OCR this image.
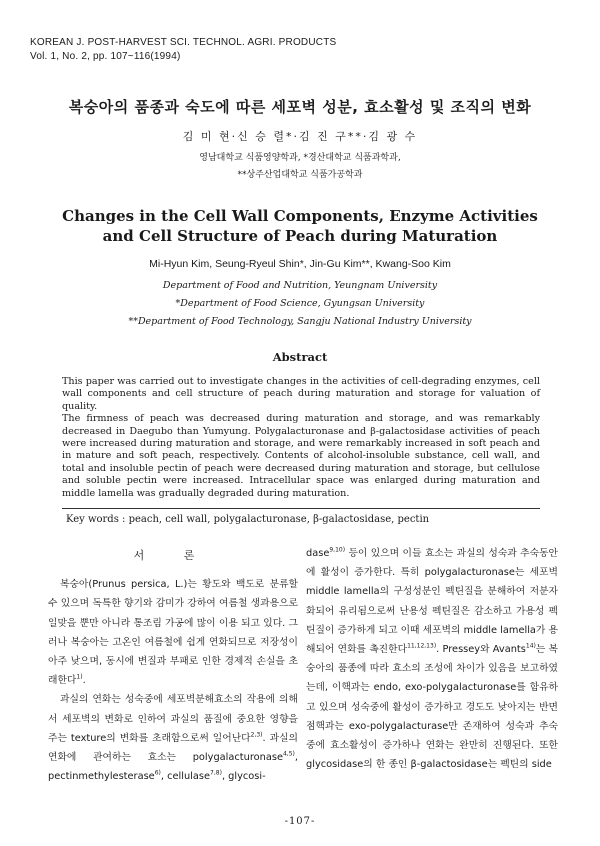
KOREAN J. POST-HARVEST SCI. TECHNOL. AGRI. PRODUCTS
Vol. 1, No. 2, pp. 107~116(1994)
복숭아의 품종과 숙도에 따른 세포벽 성분, 효소활성 및 조직의 변화
김 미 현·신 승 렬*·김 진 구**·김 광 수
영남대학교 식품영양학과, *경산대학교 식품과학과,
**상주산업대학교 식품가공학과
Changes in the Cell Wall Components, Enzyme Activities
and Cell Structure of Peach during Maturation
Mi-Hyun Kim, Seung-Ryeul Shin*, Jin-Gu Kim**, Kwang-Soo Kim
Department of Food and Nutrition, Yeungnam University
*Department of Food Science, Gyungsan University
**Department of Food Technology, Sangju National Industry University
Abstract

This paper was carried out to investigate changes in the activities of cell-degrading enzymes, cell wall components and cell structure of peach during maturation and storage for valuation of quality.

The firmness of peach was decreased during maturation and storage, and was remarkably decreased in Daegubo than Yumyung. Polygalacturonase and β-galactosidase activities of peach were increased during maturation and storage, and were remarkably increased in soft peach and in mature and soft peach, respectively. Contents of alcohol-insoluble substance, cell wall, and total and insoluble pectin of peach were decreased during maturation and storage, but cellulose and soluble pectin were increased. Intracellular space was enlarged during maturation and middle lamella was gradually degraded during maturation.

Key words : peach, cell wall, polygalacturonase, β-galactosidase, pectin
서 론

복숭아(Prunus persica, L.)는 황도와 백도로 분류할 수 있으며 독특한 향기와 감미가 강하여 여름철 생과용으로 일맞을 뿐만 아니라 통조림 가공에 많이 이용 되고 있다. 그러나 복숭아는 고온인 여름철에 쉽게 연화되므로 저장성이 아주 낮으며, 동시에 변질과 부패로 인한 경제적 손실을 초래한다$^{1)}$.

과실의 연화는 성숙중에 세포벽분해효소의 작용에 의해서 세포벽의 변화로 인하여 과실의 품질에 중요한 영향을 주는 texture의 변화를 초래함으로써 일어난다$^{2,3)}$. 과실의 연화에 관여하는 효소는 polygalacturonase$^{4,5)}$, pectinmethylesterase$^{6)}$, cellulase$^{7,8)}$, glycosi-

dase$^{9,10)}$ 등이 있으며 이들 효소는 과실의 성숙과 추숙동안에 활성이 증가한다. 특히 polygalacturonase는 세포벽 middle lamella의 구성성분인 펙틴질을 분해하여 저분자화되어 유리됨으로써 난용성 펙틴질은 감소하고 가용성 펙틴질이 증가하게 되고 이때 세포벽의 middle lamella가 용해되어 연화를 촉진한다$^{11,12,13)}$. Pressey와 Avants$^{14)}$는 복숭아의 품종에 따라 효소의 조성에 차이가 있음을 보고하였는데, 이핵과는 endo, exo-polygalacturonase를 함유하고 있으며 성숙중에 활성이 증가하고 경도도 낮아지는 반면 점핵과는 exo-polygalacturase만 존재하여 성숙과 추숙중에 효소활성이 증가하나 연화는 완만히 진행된다. 또한 glycosidase의 한 종인 β-galactosidase는 펙틴의 side

-107-
